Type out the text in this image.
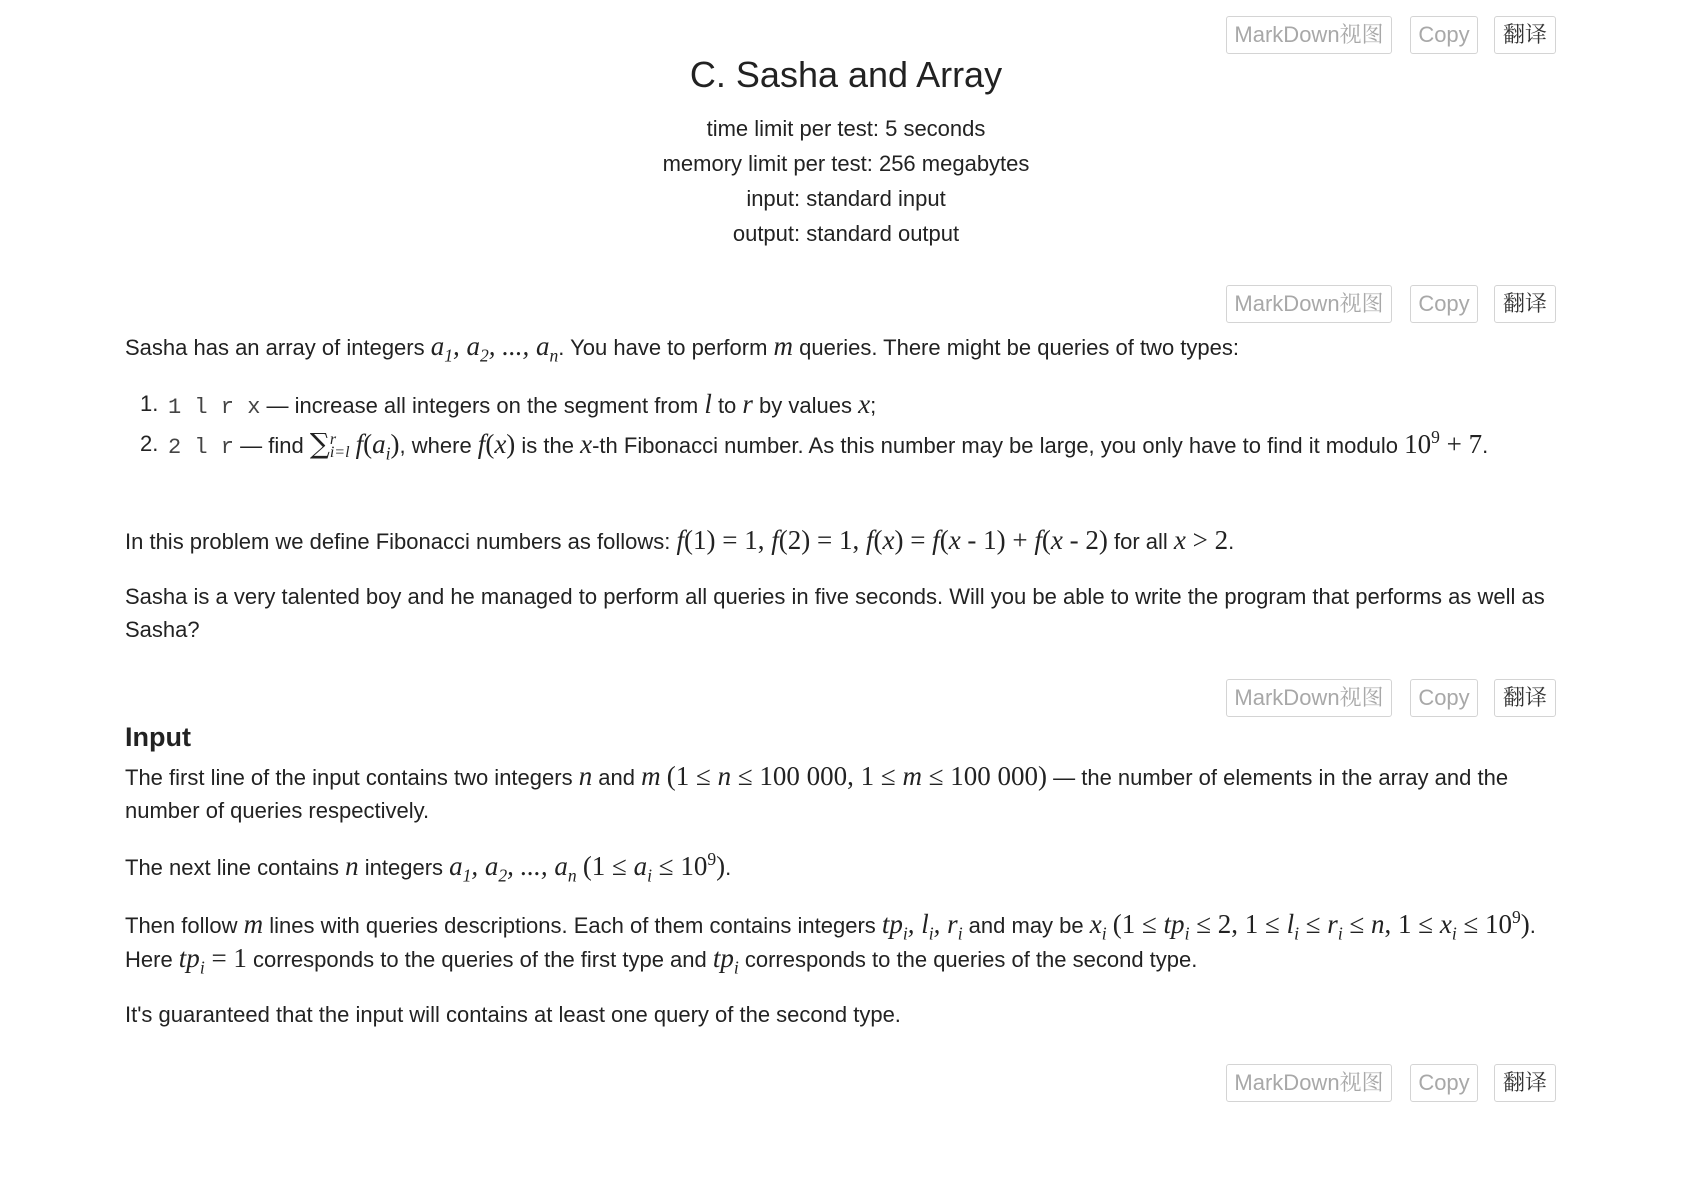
MarkDown视图	Copy	翻译
C. Sasha and Array
time limit per test: 5 seconds
memory limit per test: 256 megabytes
input: standard input
output: standard output
MarkDown视图	Copy	翻译

Sasha has an array of integers $a_1$, $a_2$, ..., $a_n$. You have to perform m queries. There might be queries of two types:

1. 1 l r x — increase all integers on the segment from l to r by values x;
2. 2 l r — find ∑r
i=l $f(a_i)$, where f(x) is the x-th Fibonacci number. As this number may be large, you only have to find it modulo $10^9 + 7$.

In this problem we define Fibonacci numbers as follows: f(1) = 1, f(2) = 1, f(x) = f(x - 1) + f(x - 2) for all x > 2.

Sasha is a very talented boy and he managed to perform all queries in five seconds. Will you be able to write the program that performs as well as Sasha?

MarkDown视图	Copy	翻译
Input

The first line of the input contains two integers n and m (1 ≤ n ≤ 100 000, 1 ≤ m ≤ 100 000) — the number of elements in the array and the number of queries respectively.

The next line contains n integers $a_1$, $a_2$, ..., $a_n$ $(1 \le a_i \le 10^9)$.

Then follow m lines with queries descriptions. Each of them contains integers $tp_i$, $l_i$, $r_i$ and may be $x_i$ ($1 \le tp_i \le 2$, $1 \le l_i \le r_i \le n$, $1 \le x_i \le 10^9$). Here $tp_i = 1$ corresponds to the queries of the first type and $tp_i$ corresponds to the queries of the second type.

It's guaranteed that the input will contains at least one query of the second type.

MarkDown视图	Copy	翻译
